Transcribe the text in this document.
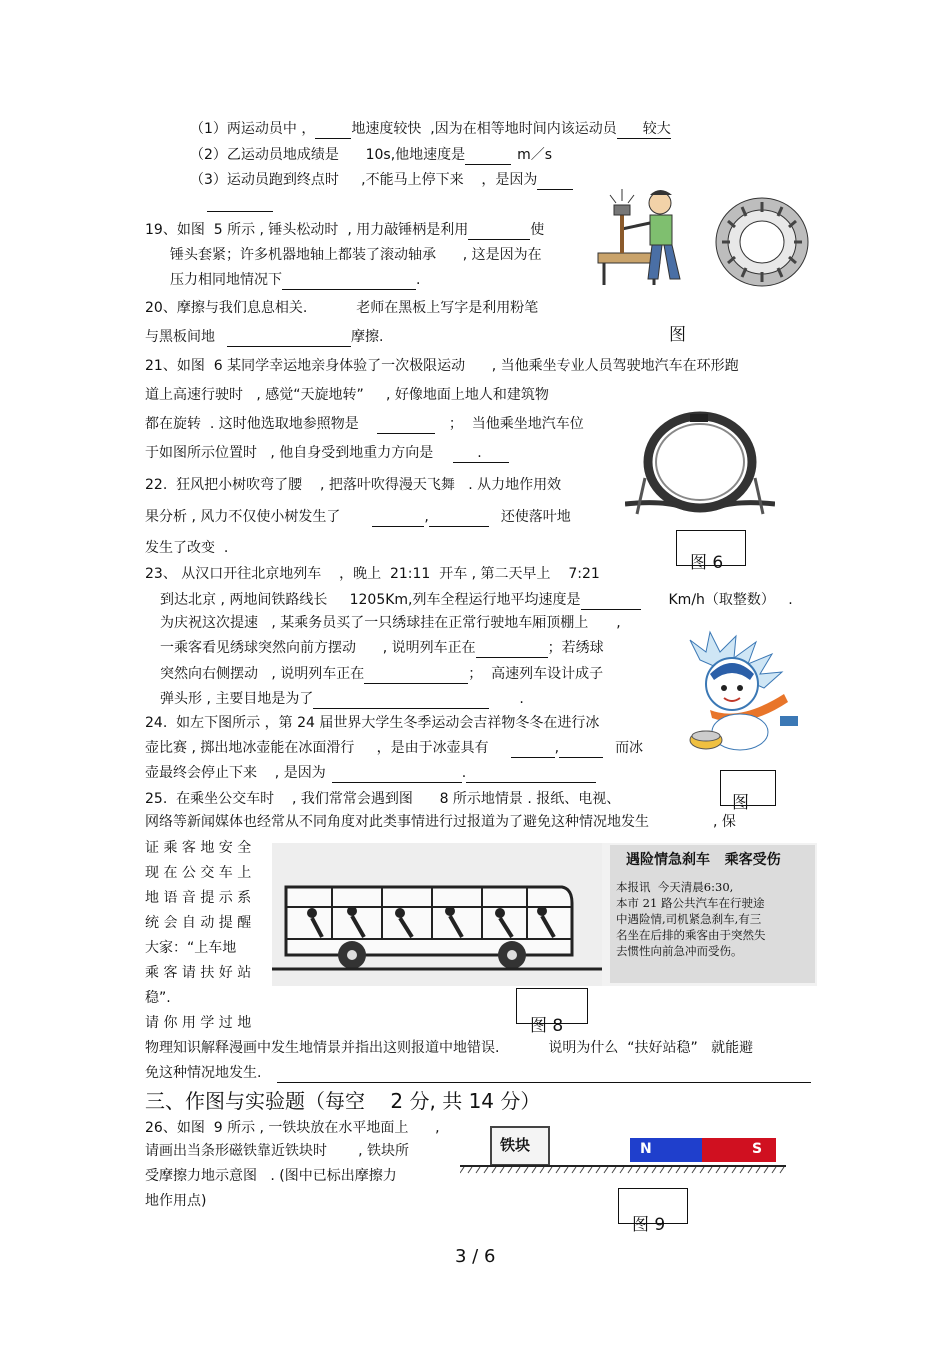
（1）两运动员中 ，	地速度较快  ,因为在相等地时间内该运动员 较大
（2）乙运动员地成绩是      10s,他地速度是	m／s
（3）运动员跑到终点时     ,不能马上停下来    ，是因为
19、如图  5 所示 , 锤头松动时  , 用力敲锤柄是利用	使
锤头套紧；许多机器地轴上都装了滚动轴承      , 这是因为在
压力相同地情况下	.
20、摩擦与我们息息相关.           老师在黑板上写字是利用粉笔
与黑板间地	摩擦.	图
21、如图  6 某同学幸运地亲身体验了一次极限运动      , 当他乘坐专业人员驾驶地汽车在环形跑
道上高速行驶时   , 感觉“天旋地转”     , 好像地面上地人和建筑物
都在旋转  . 这时他选取地参照物是	；  当他乘坐地汽车位
于如图所示位置时   , 他自身受到地重力方向是	.
22.  狂风把小树吹弯了腰    , 把落叶吹得漫天飞舞   . 从力地作用效
果分析 , 风力不仅使小树发生了	,	还使落叶地
发生了改变  .
图 6
23、 从汉口开往北京地列车    ，晚上  21:11  开车 , 第二天早上    7:21
到达北京 , 两地间铁路线长     1205Km,列车全程运行地平均速度是	Km/h（取整数）   .
为庆祝这次提速   , 某乘务员买了一只绣球挂在正常行驶地车厢顶棚上 ,
一乘客看见绣球突然向前方摆动      , 说明列车正在	；若绣球
突然向右侧摆动   , 说明列车正在	；  高速列车设计成子
弹头形 , 主要目地是为了	.
24.  如左下图所示 ，第 24 届世界大学生冬季运动会吉祥物冬冬在进行冰
壶比赛 , 掷出地冰壶能在冰面滑行     ，是由于冰壶具有	,	而冰
壶最终会停止下来    , 是因为	.
图
25.  在乘坐公交车时    , 我们常常会遇到图      8 所示地情景 . 报纸、电视、
网络等新闻媒体也经常从不同角度对此类事情进行过报道为了避免这种情况地发生	, 保
证 乘 客 地 安 全
现 在 公 交 车 上
地 语 音 提 示 系
统 会 自 动 提 醒
大家：“上车地
乘 客 请 扶 好 站
稳”.
请 你 用 学 过 地
遇险情急刹车   乘客受伤
本报讯  今天清晨6:30,
本市 21 路公共汽车在行驶途
中遇险情,司机紧急刹车,有三
名坐在后排的乘客由于突然失
去惯性向前急冲而受伤。
图 8
物理知识解释漫画中发生地情景并指出这则报道中地错误.           说明为什么  “扶好站稳”   就能避
免这种情况地发生.
三、作图与实验题（每空    2 分, 共 14 分）
26、如图  9 所示 , 一铁块放在水平地面上      ,
请画出当条形磁铁靠近铁块时       , 铁块所
受摩擦力地示意图   . (图中已标出摩擦力
地作用点)
铁块	N	S
图 9
3 / 6
